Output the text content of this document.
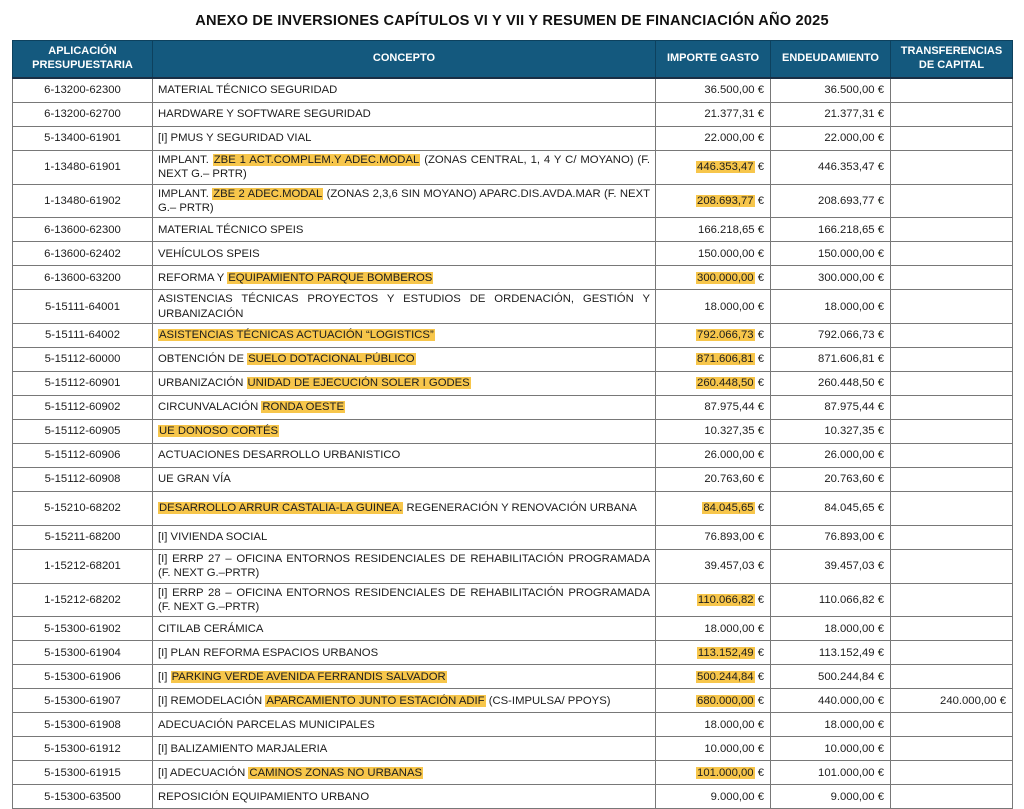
ANEXO DE INVERSIONES CAPÍTULOS VI Y VII Y RESUMEN DE FINANCIACIÓN AÑO 2025
APLICACIÓN PRESUPUESTARIA	CONCEPTO	IMPORTE GASTO	ENDEUDAMIENTO	TRANSFERENCIAS DE CAPITAL
6-13200-62300	MATERIAL TÉCNICO SEGURIDAD	36.500,00 €	36.500,00 €	
6-13200-62700	HARDWARE Y SOFTWARE SEGURIDAD	21.377,31 €	21.377,31 €	
5-13400-61901	[I] PMUS Y SEGURIDAD VIAL	22.000,00 €	22.000,00 €	
1-13480-61901	IMPLANT. ZBE 1 ACT.COMPLEM.Y ADEC.MODAL (ZONAS CENTRAL, 1, 4 Y C/ MOYANO) (F. NEXT G.– PRTR)	446.353,47 €	446.353,47 €	
1-13480-61902	IMPLANT. ZBE 2 ADEC.MODAL (ZONAS 2,3,6 SIN MOYANO) APARC.DIS.AVDA.MAR (F. NEXT G.– PRTR)	208.693,77 €	208.693,77 €	
6-13600-62300	MATERIAL TÉCNICO SPEIS	166.218,65 €	166.218,65 €	
6-13600-62402	VEHÍCULOS SPEIS	150.000,00 €	150.000,00 €	
6-13600-63200	REFORMA Y EQUIPAMIENTO PARQUE BOMBEROS	300.000,00 €	300.000,00 €	
5-15111-64001	ASISTENCIAS TÉCNICAS PROYECTOS Y ESTUDIOS DE ORDENACIÓN, GESTIÓN Y URBANIZACIÓN	18.000,00 €	18.000,00 €	
5-15111-64002	ASISTENCIAS TÉCNICAS ACTUACIÓN “LOGISTICS”	792.066,73 €	792.066,73 €	
5-15112-60000	OBTENCIÓN DE SUELO DOTACIONAL PÚBLICO	871.606,81 €	871.606,81 €	
5-15112-60901	URBANIZACIÓN UNIDAD DE EJECUCIÓN SOLER I GODES	260.448,50 €	260.448,50 €	
5-15112-60902	CIRCUNVALACIÓN RONDA OESTE	87.975,44 €	87.975,44 €	
5-15112-60905	UE DONOSO CORTÉS	10.327,35 €	10.327,35 €	
5-15112-60906	ACTUACIONES DESARROLLO URBANISTICO	26.000,00 €	26.000,00 €	
5-15112-60908	UE GRAN VÍA	20.763,60 €	20.763,60 €	
5-15210-68202	DESARROLLO ARRUR CASTALIA-LA GUINEA. REGENERACIÓN Y RENOVACIÓN URBANA	84.045,65 €	84.045,65 €	
5-15211-68200	[I] VIVIENDA SOCIAL	76.893,00 €	76.893,00 €	
1-15212-68201	[I] ERRP 27 – OFICINA ENTORNOS RESIDENCIALES DE REHABILITACIÓN PROGRAMADA (F. NEXT G.–PRTR)	39.457,03 €	39.457,03 €	
1-15212-68202	[I] ERRP 28 – OFICINA ENTORNOS RESIDENCIALES DE REHABILITACIÓN PROGRAMADA (F. NEXT G.–PRTR)	110.066,82 €	110.066,82 €	
5-15300-61902	CITILAB CERÁMICA	18.000,00 €	18.000,00 €	
5-15300-61904	[I] PLAN REFORMA ESPACIOS URBANOS	113.152,49 €	113.152,49 €	
5-15300-61906	[I] PARKING VERDE AVENIDA FERRANDIS SALVADOR	500.244,84 €	500.244,84 €	
5-15300-61907	[I] REMODELACIÓN APARCAMIENTO JUNTO ESTACIÓN ADIF (CS-IMPULSA/ PPOYS)	680.000,00 €	440.000,00 €	240.000,00 €
5-15300-61908	ADECUACIÓN PARCELAS MUNICIPALES	18.000,00 €	18.000,00 €	
5-15300-61912	[I] BALIZAMIENTO MARJALERIA	10.000,00 €	10.000,00 €	
5-15300-61915	[I] ADECUACIÓN CAMINOS ZONAS NO URBANAS	101.000,00 €	101.000,00 €	
5-15300-63500	REPOSICIÓN EQUIPAMIENTO URBANO	9.000,00 €	9.000,00 €	
